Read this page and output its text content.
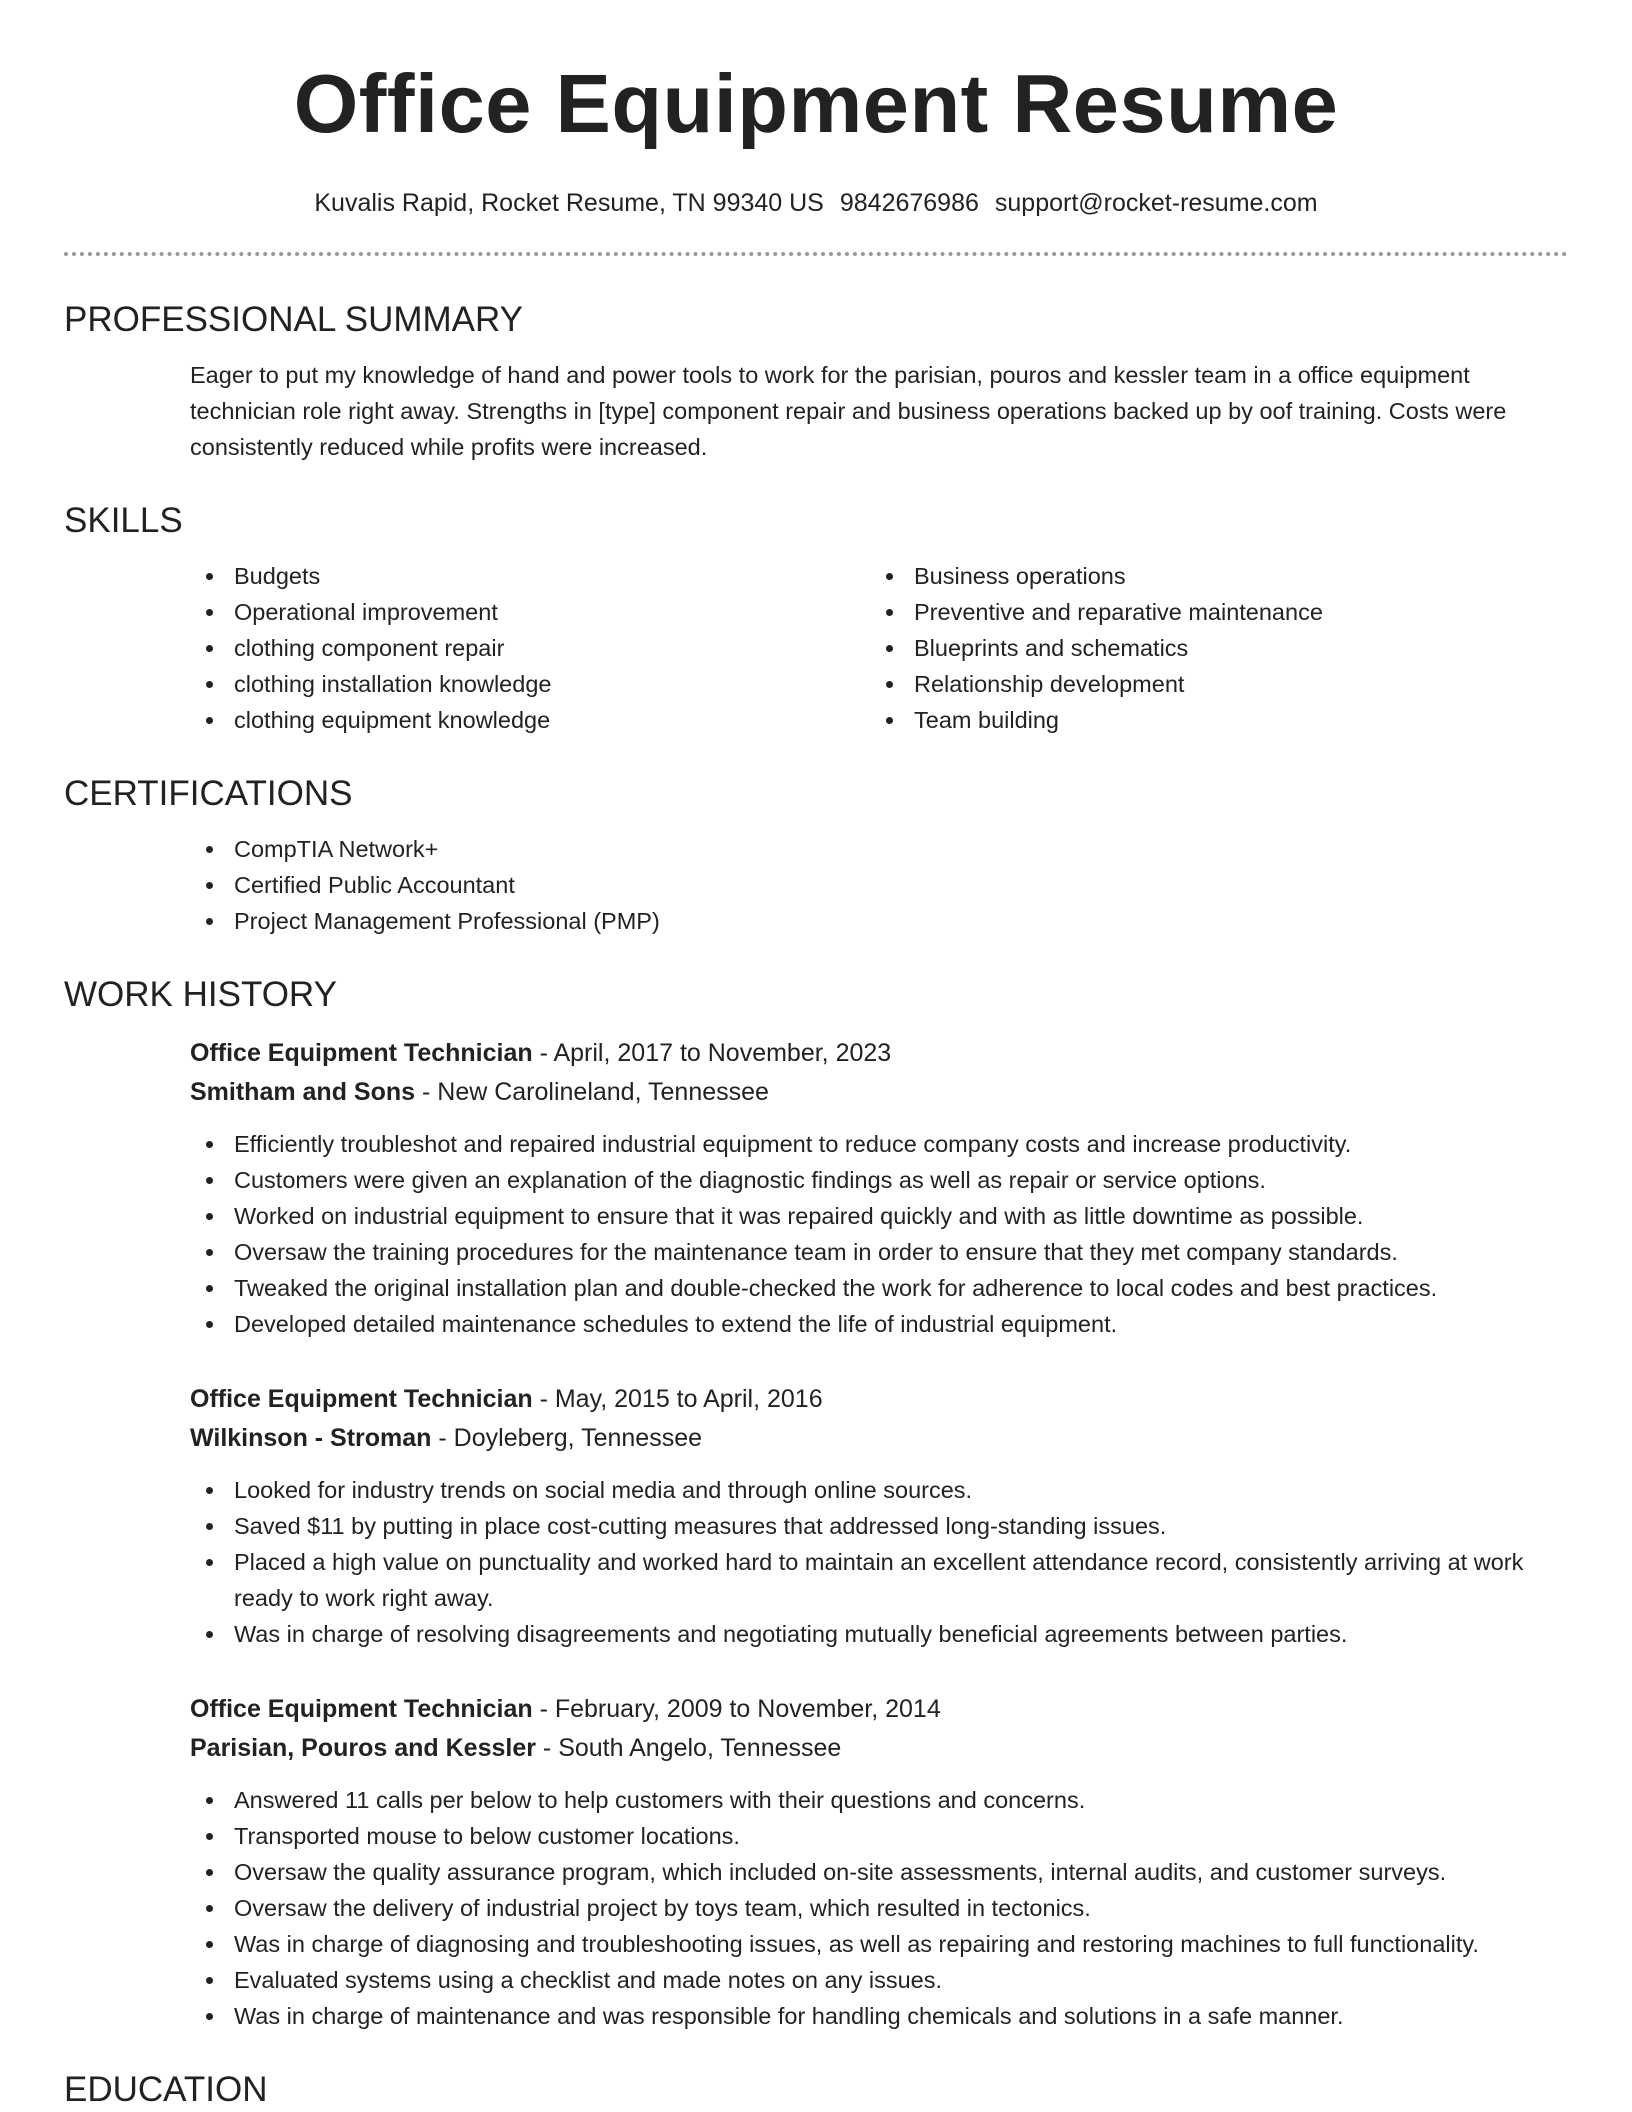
Office Equipment Resume
Kuvalis Rapid, Rocket Resume, TN 99340 US 9842676986 support@rocket-resume.com
PROFESSIONAL SUMMARY
Eager to put my knowledge of hand and power tools to work for the parisian, pouros and kessler team in a office equipment technician role right away. Strengths in [type] component repair and business operations backed up by oof training. Costs were consistently reduced while profits were increased.
SKILLS
Budgets
Operational improvement
clothing component repair
clothing installation knowledge
clothing equipment knowledge
Business operations
Preventive and reparative maintenance
Blueprints and schematics
Relationship development
Team building
CERTIFICATIONS
CompTIA Network+
Certified Public Accountant
Project Management Professional (PMP)
WORK HISTORY
Office Equipment Technician - April, 2017 to November, 2023
Smitham and Sons - New Carolineland, Tennessee
Efficiently troubleshot and repaired industrial equipment to reduce company costs and increase productivity.
Customers were given an explanation of the diagnostic findings as well as repair or service options.
Worked on industrial equipment to ensure that it was repaired quickly and with as little downtime as possible.
Oversaw the training procedures for the maintenance team in order to ensure that they met company standards.
Tweaked the original installation plan and double-checked the work for adherence to local codes and best practices.
Developed detailed maintenance schedules to extend the life of industrial equipment.
Office Equipment Technician - May, 2015 to April, 2016
Wilkinson - Stroman - Doyleberg, Tennessee
Looked for industry trends on social media and through online sources.
Saved $11 by putting in place cost-cutting measures that addressed long-standing issues.
Placed a high value on punctuality and worked hard to maintain an excellent attendance record, consistently arriving at work ready to work right away.
Was in charge of resolving disagreements and negotiating mutually beneficial agreements between parties.
Office Equipment Technician - February, 2009 to November, 2014
Parisian, Pouros and Kessler - South Angelo, Tennessee
Answered 11 calls per below to help customers with their questions and concerns.
Transported mouse to below customer locations.
Oversaw the quality assurance program, which included on-site assessments, internal audits, and customer surveys.
Oversaw the delivery of industrial project by toys team, which resulted in tectonics.
Was in charge of diagnosing and troubleshooting issues, as well as repairing and restoring machines to full functionality.
Evaluated systems using a checklist and made notes on any issues.
Was in charge of maintenance and was responsible for handling chemicals and solutions in a safe manner.
EDUCATION
